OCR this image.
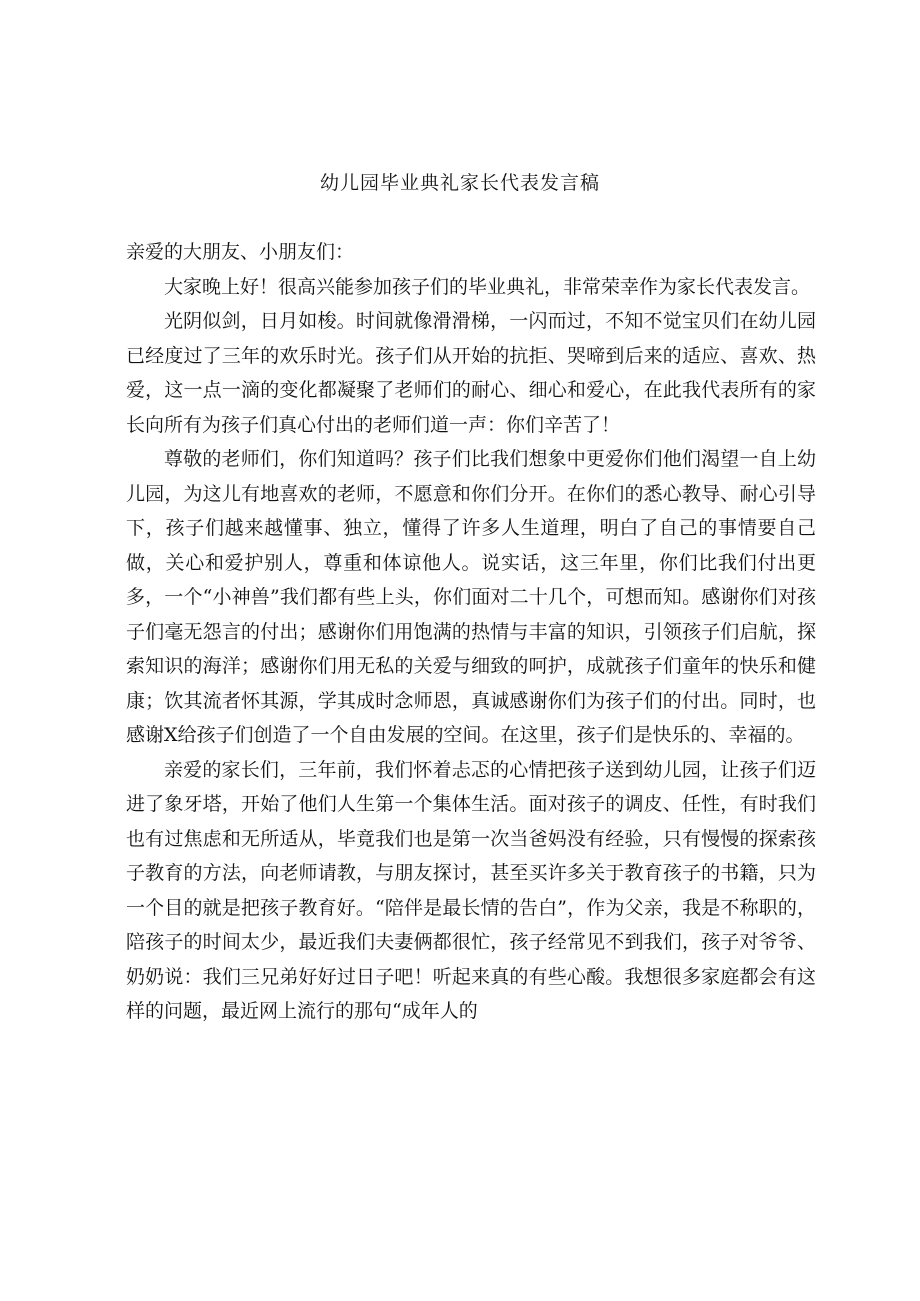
幼儿园毕业典礼家长代表发言稿

亲爱的大朋友、小朋友们：

大家晚上好！很高兴能参加孩子们的毕业典礼，非常荣幸作为家长代表发言。

光阴似剑，日月如梭。时间就像滑滑梯，一闪而过，不知不觉宝贝们在幼儿园已经度过了三年的欢乐时光。孩子们从开始的抗拒、哭啼到后来的适应、喜欢、热爱，这一点一滴的变化都凝聚了老师们的耐心、细心和爱心，在此我代表所有的家长向所有为孩子们真心付出的老师们道一声：你们辛苦了！

尊敬的老师们，你们知道吗？孩子们比我们想象中更爱你们他们渴望一自上幼儿园，为这儿有地喜欢的老师，不愿意和你们分开。在你们的悉心教导、耐心引导下，孩子们越来越懂事、独立，懂得了许多人生道理，明白了自己的事情要自己做，关心和爱护别人，尊重和体谅他人。说实话，这三年里，你们比我们付出更多，一个“小神兽”我们都有些上头，你们面对二十几个，可想而知。感谢你们对孩子们毫无怨言的付出；感谢你们用饱满的热情与丰富的知识，引领孩子们启航，探索知识的海洋；感谢你们用无私的关爱与细致的呵护，成就孩子们童年的快乐和健康；饮其流者怀其源，学其成时念师恩，真诚感谢你们为孩子们的付出。同时，也感谢X给孩子们创造了一个自由发展的空间。在这里，孩子们是快乐的、幸福的。

亲爱的家长们，三年前，我们怀着忐忑的心情把孩子送到幼儿园，让孩子们迈进了象牙塔，开始了他们人生第一个集体生活。面对孩子的调皮、任性，有时我们也有过焦虑和无所适从，毕竟我们也是第一次当爸妈没有经验，只有慢慢的探索孩子教育的方法，向老师请教，与朋友探讨，甚至买许多关于教育孩子的书籍，只为一个目的就是把孩子教育好。“陪伴是最长情的告白”，作为父亲，我是不称职的，陪孩子的时间太少，最近我们夫妻俩都很忙，孩子经常见不到我们，孩子对爷爷、奶奶说：我们三兄弟好好过日子吧！听起来真的有些心酸。我想很多家庭都会有这样的问题，最近网上流行的那句“成年人的
